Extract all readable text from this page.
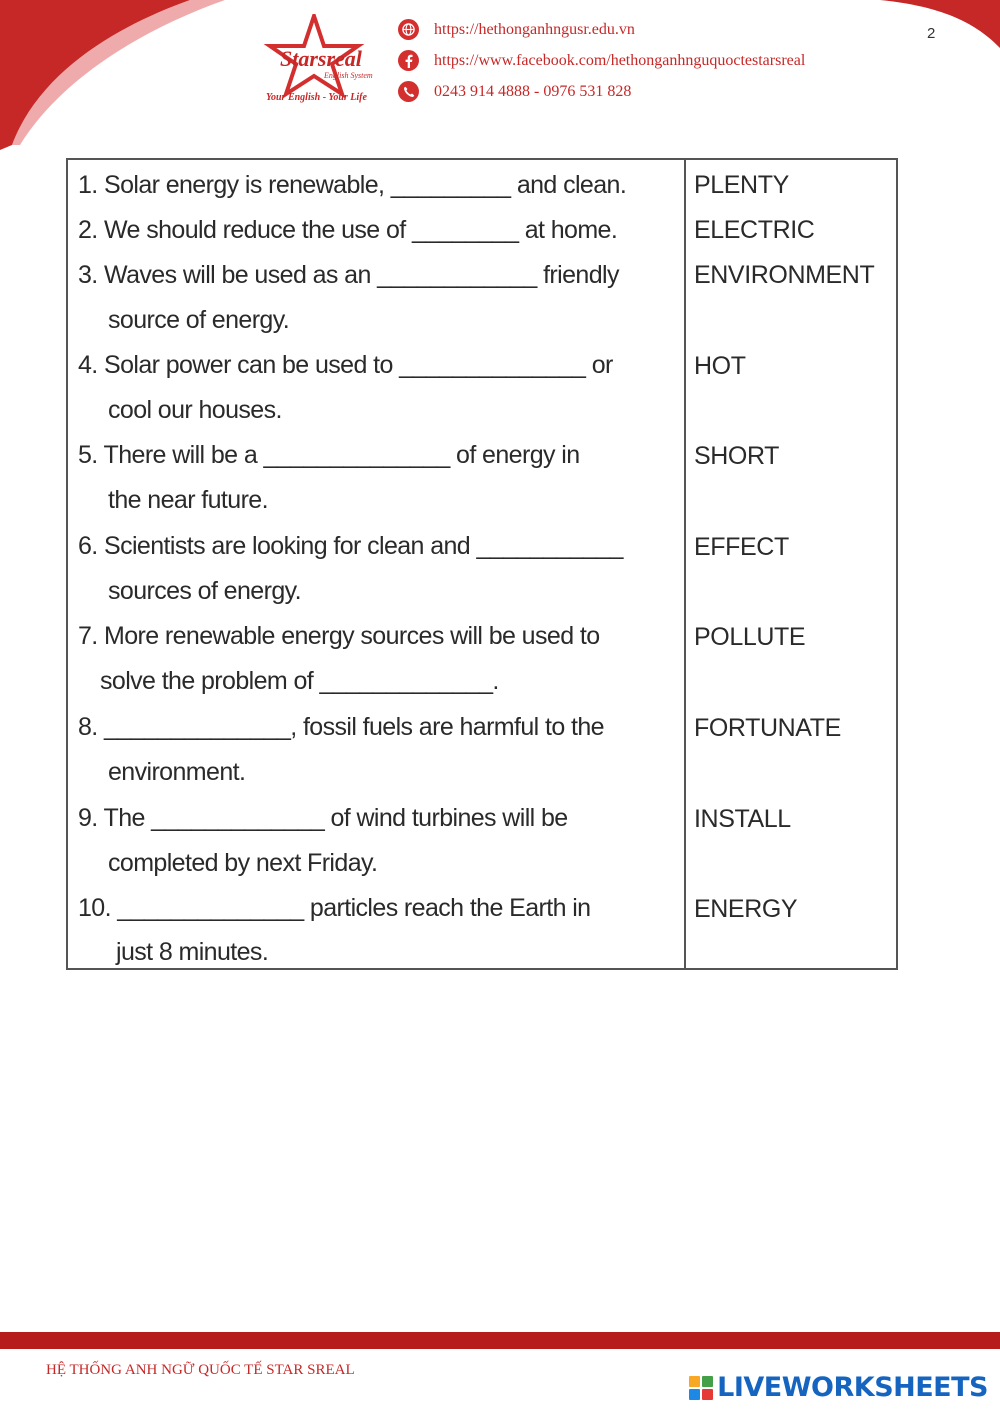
Starsreal
English System
Your English - Your Life
https://hethonganhngusr.edu.vn
https://www.facebook.com/hethonganhnguquoctestarsreal
0243 914 4888 - 0976 531 828
2
1. Solar energy is renewable, _________ and clean.
2. We should reduce the use of ________ at home.
3. Waves will be used as an ____________ friendly
source of energy.
4. Solar power can be used to ______________ or
cool our houses.
5. There will be a ______________ of energy in
the near future.
6. Scientists are looking for clean and ___________
sources of energy.
7. More renewable energy sources will be used to
solve the problem of _____________.
8. ______________, fossil fuels are harmful to the
environment.
9. The _____________ of wind turbines will be
completed by next Friday.
10. ______________ particles reach the Earth in
just 8 minutes.
PLENTY
ELECTRIC
ENVIRONMENT
HOT
SHORT
EFFECT
POLLUTE
FORTUNATE
INSTALL
ENERGY
HỆ THỐNG ANH NGỮ QUỐC TẾ STAR SREAL
LIVEWORKSHEETS
